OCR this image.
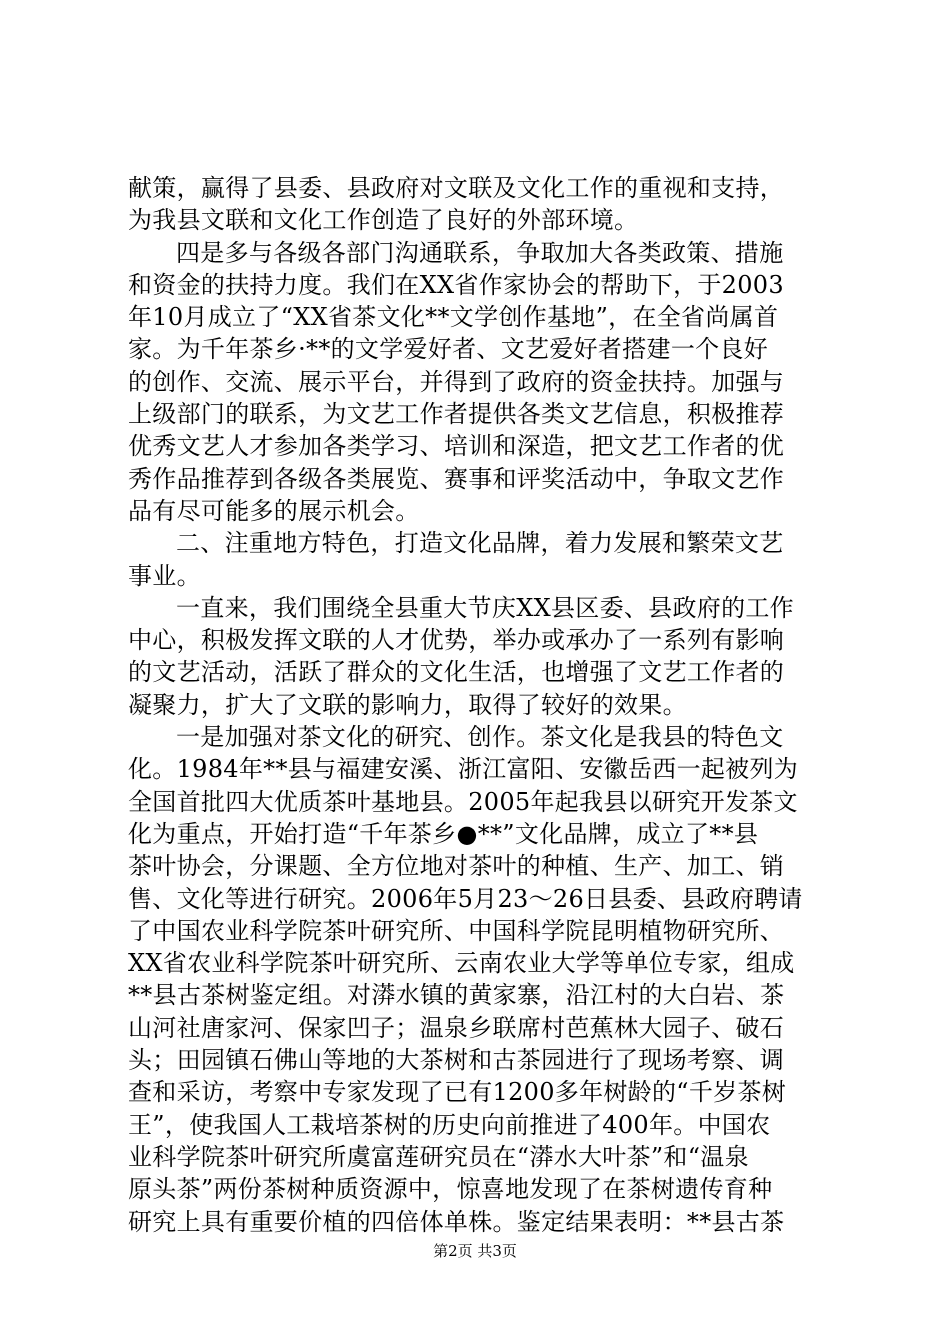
献策，赢得了县委、县政府对文联及文化工作的重视和支持，
为我县文联和文化工作创造了良好的外部环境。
四是多与各级各部门沟通联系，争取加大各类政策、措施
和资金的扶持力度。我们在XX省作家协会的帮助下，于2003
年10月成立了“XX省茶文化**文学创作基地”，在全省尚属首
家。为千年茶乡·**的文学爱好者、文艺爱好者搭建一个良好
的创作、交流、展示平台，并得到了政府的资金扶持。加强与
上级部门的联系，为文艺工作者提供各类文艺信息，积极推荐
优秀文艺人才参加各类学习、培训和深造，把文艺工作者的优
秀作品推荐到各级各类展览、赛事和评奖活动中，争取文艺作
品有尽可能多的展示机会。
二、注重地方特色，打造文化品牌，着力发展和繁荣文艺
事业。
一直来，我们围绕全县重大节庆XX县区委、县政府的工作
中心，积极发挥文联的人才优势，举办或承办了一系列有影响
的文艺活动，活跃了群众的文化生活，也增强了文艺工作者的
凝聚力，扩大了文联的影响力，取得了较好的效果。
一是加强对茶文化的研究、创作。茶文化是我县的特色文
化。1984年**县与福建安溪、浙江富阳、安徽岳西一起被列为
全国首批四大优质茶叶基地县。2005年起我县以研究开发茶文
化为重点，开始打造“千年茶乡●**”文化品牌，成立了**县
茶叶协会，分课题、全方位地对茶叶的种植、生产、加工、销
售、文化等进行研究。2006年5月23～26日县委、县政府聘请
了中国农业科学院茶叶研究所、中国科学院昆明植物研究所、
XX省农业科学院茶叶研究所、云南农业大学等单位专家，组成
**县古茶树鉴定组。对漭水镇的黄家寨，沿江村的大白岩、茶
山河社唐家河、保家凹子；温泉乡联席村芭蕉林大园子、破石
头；田园镇石佛山等地的大茶树和古茶园进行了现场考察、调
查和采访，考察中专家发现了已有1200多年树龄的“千岁茶树
王”，使我国人工栽培茶树的历史向前推进了400年。中国农
业科学院茶叶研究所虞富莲研究员在“漭水大叶茶”和“温泉
原头茶”两份茶树种质资源中，惊喜地发现了在茶树遗传育种
研究上具有重要价植的四倍体单株。鉴定结果表明：**县古茶
第2页 共3页
